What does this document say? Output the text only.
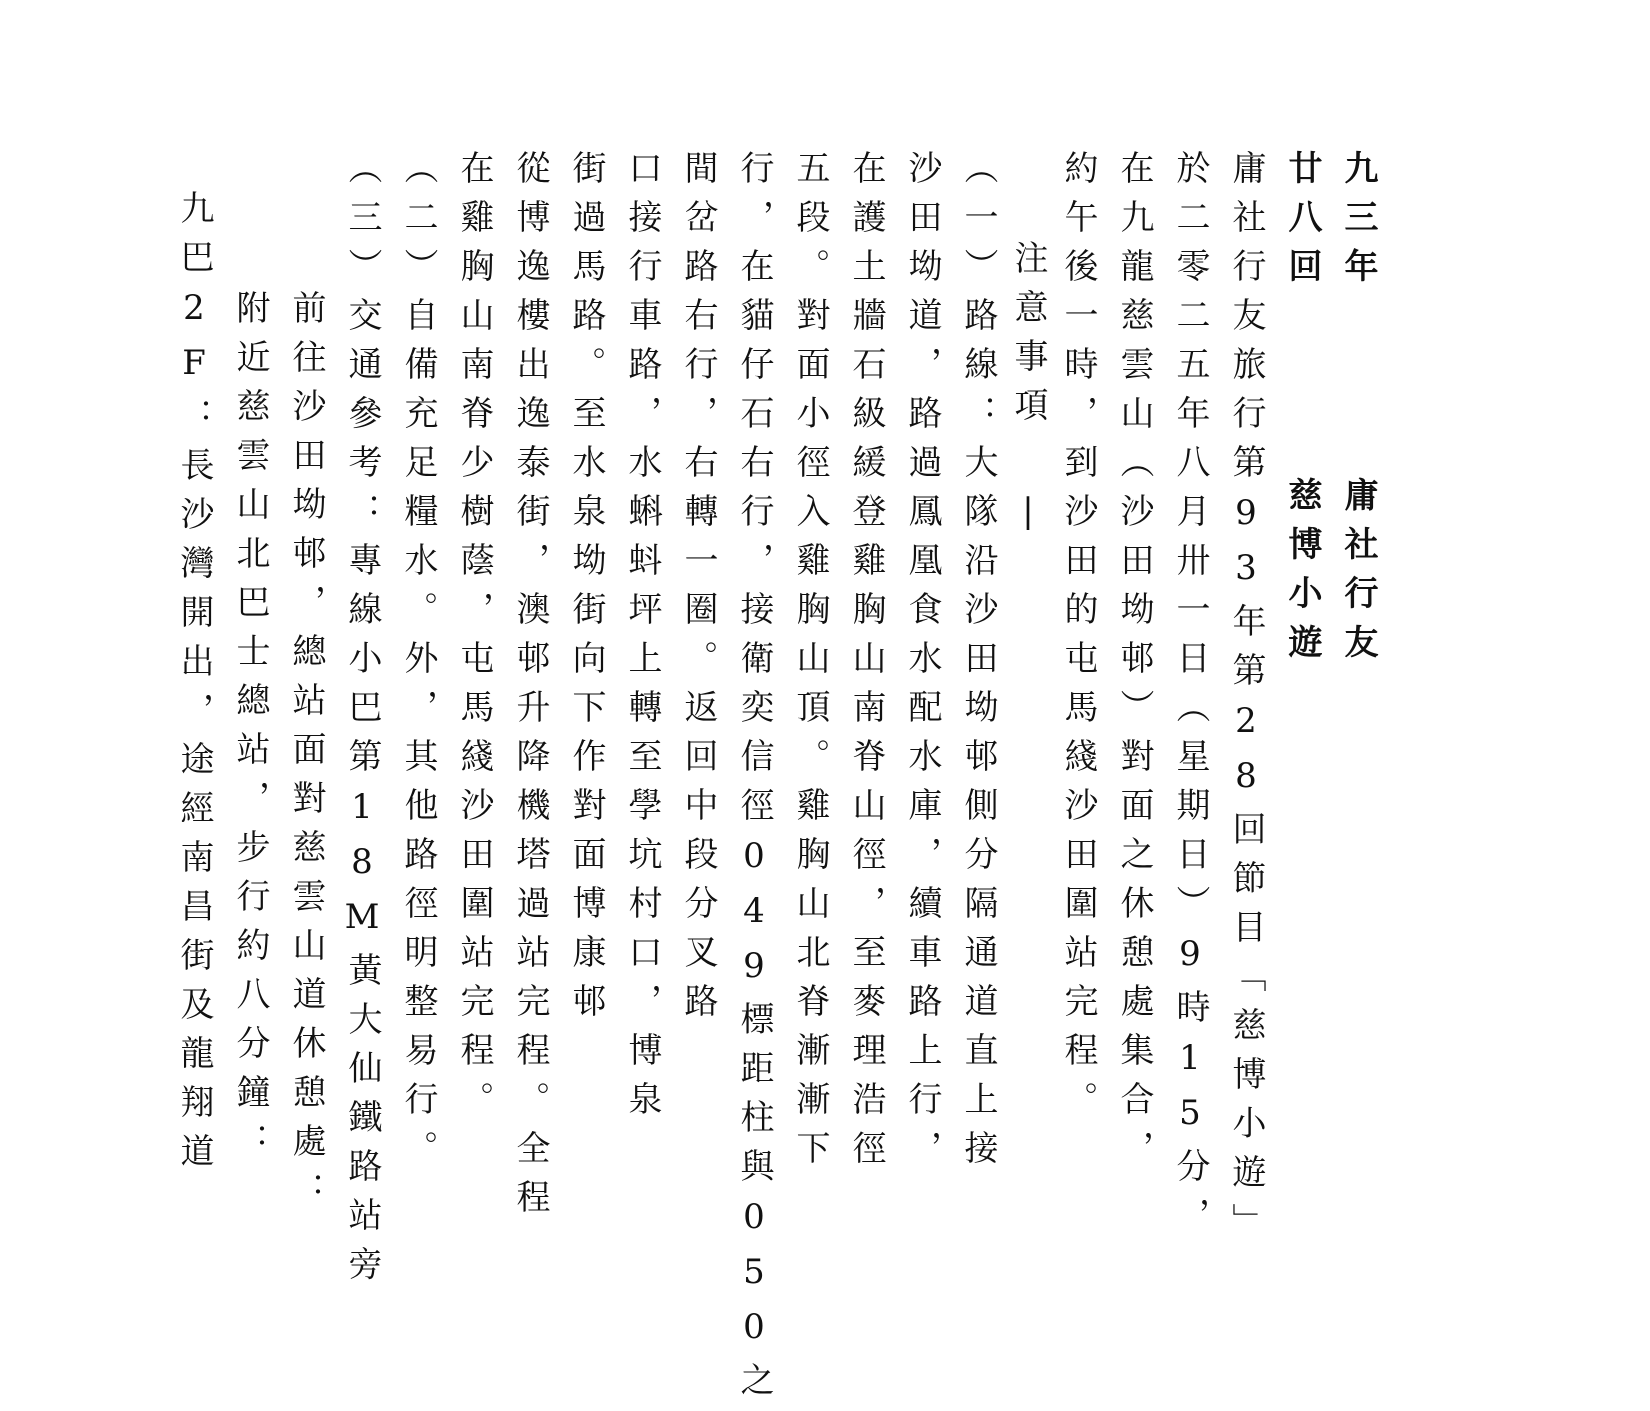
九三年
廿八回
庸社行友
慈博小遊
庸社行友旅行第93年第28回節目「慈博小遊」
於二零二五年八月卅一日（星期日）9時15分，
在九龍慈雲山（沙田坳邨）對面之休憩處集合，
約午後一時，到沙田的屯馬綫沙田圍站完程。
注意事項 |
（一）路線：大隊沿沙田坳邨側分隔通道直上接
沙田坳道，路過鳳凰食水配水庫，續車路上行，
在護土牆石級緩登雞胸山南脊山徑，至麥理浩徑
五段。對面小徑入雞胸山頂。雞胸山北脊漸漸下
行，在貓仔石右行，接衛奕信徑049標距柱與050之
間岔路右行，右轉一圈。返回中段分叉路
口接行車路，水蝌蚪坪上轉至學坑村口，博泉
街過馬路。至水泉坳街向下作對面博康邨
從博逸樓出逸泰街，澳邨升降機塔過站完程。全程
在雞胸山南脊少樹蔭，屯馬綫沙田圍站完程。
（二）自備充足糧水。外，其他路徑明整易行。
（三）交通參考：專線小巴第18M黃大仙鐵路站旁
前往沙田坳邨，總站面對慈雲山道休憩處：
附近慈雲山北巴士總站，步行約八分鐘：
九巴2F：長沙灣開出，途經南昌街及龍翔道
